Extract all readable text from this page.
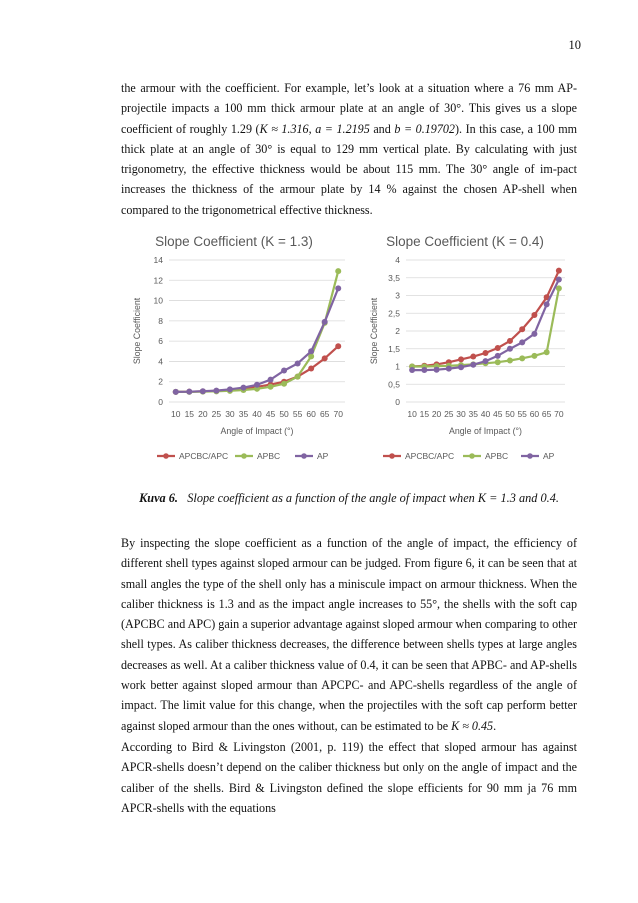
10

the armour with the coefficient. For example, let’s look at a situation where a 76 mm AP-projectile impacts a 100 mm thick armour plate at an angle of 30°. This gives us a slope coefficient of roughly 1.29 (K ≈ 1.316, a = 1.2195 and b = 0.19702). In this case, a 100 mm thick plate at an angle of 30° is equal to 129 mm vertical plate. By calculating with just trigonometry, the effective thickness would be about 115 mm. The 30° angle of im-pact increases the thickness of the armour plate by 14 % against the chosen AP-shell when compared to the trigonometrical effective thickness.

Slope Coefficient (K = 1.3)
0
2
4
6
8
10
12
14
10 15 20 25 30 35 40 45 50 55 60 65 70
Angle of Impact (°)
Slope Coefficient
APCBC/APC	APBC	AP
Slope Coefficient (K = 0.4)
0
0,5
1
1,5
2
2,5
3
3,5
4
10 15 20 25 30 35 40 45 50 55 60 65 70
Angle of Impact (°)
Slope Coefficient
APCBC/APC	APBC	AP
Kuva 6. Slope coefficient as a function of the angle of impact when K = 1.3 and 0.4.

By inspecting the slope coefficient as a function of the angle of impact, the efficiency of different shell types against sloped armour can be judged. From figure 6, it can be seen that at small angles the type of the shell only has a miniscule impact on armour thickness. When the caliber thickness is 1.3 and as the impact angle increases to 55°, the shells with the soft cap (APCBC and APC) gain a superior advantage against sloped armour when comparing to other shell types. As caliber thickness decreases, the difference between shells types at large angles decreases as well. At a caliber thickness value of 0.4, it can be seen that APBC- and AP-shells work better against sloped armour than APCPC- and APC-shells regardless of the angle of impact. The limit value for this change, when the projectiles with the soft cap perform better against sloped armour than the ones without, can be estimated to be K ≈ 0.45.

According to Bird & Livingston (2001, p. 119) the effect that sloped armour has against APCR-shells doesn’t depend on the caliber thickness but only on the angle of impact and the caliber of the shells. Bird & Livingston defined the slope efficients for 90 mm ja 76 mm APCR-shells with the equations
